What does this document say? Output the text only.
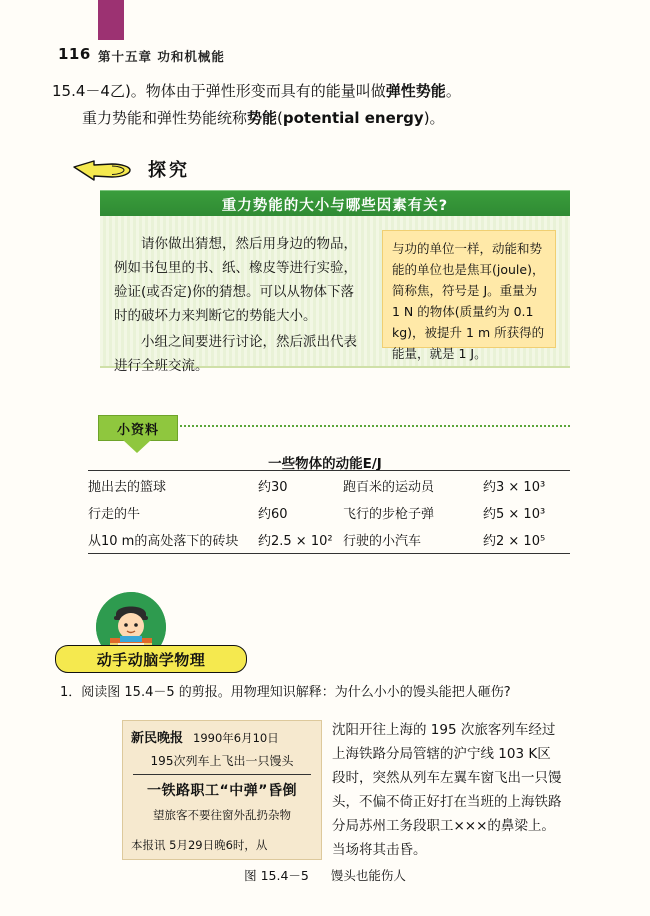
116 第十五章 功和机械能
15.4－4乙)。物体由于弹性形变而具有的能量叫做弹性势能。
重力势能和弹性势能统称势能(potential energy)。
探究
重力势能的大小与哪些因素有关?

请你做出猜想，然后用身边的物品，例如书包里的书、纸、橡皮等进行实验，验证(或否定)你的猜想。可以从物体下落时的破坏力来判断它的势能大小。

小组之间要进行讨论，然后派出代表进行全班交流。

与功的单位一样，动能和势能的单位也是焦耳(joule)，简称焦，符号是 J。重量为 1 N 的物体(质量约为 0.1 kg)，被提升 1 m 所获得的能量，就是 1 J。

小资料
一些物体的动能E/J
抛出去的篮球	约30	跑百米的运动员	约3 × 10³
行走的牛	约60	飞行的步枪子弹	约5 × 10³
从10 m的高处落下的砖块	约2.5 × 10²	行驶的小汽车	约2 × 10⁵
动手动脑学物理
1．阅读图 15.4－5 的剪报。用物理知识解释：为什么小小的馒头能把人砸伤?
新民晚报 1990年6月10日
195次列车上飞出一只馒头
一铁路职工“中弹”昏倒
望旅客不要往窗外乱扔杂物
本报讯 5月29日晚6时，从
沈阳开往上海的 195 次旅客列车经过上海铁路分局管辖的沪宁线 103 K区段时，突然从列车左翼车窗飞出一只馒头，不偏不倚正好打在当班的上海铁路分局苏州工务段职工×××的鼻梁上。当场将其击昏。
图 15.4－5 馒头也能伤人
